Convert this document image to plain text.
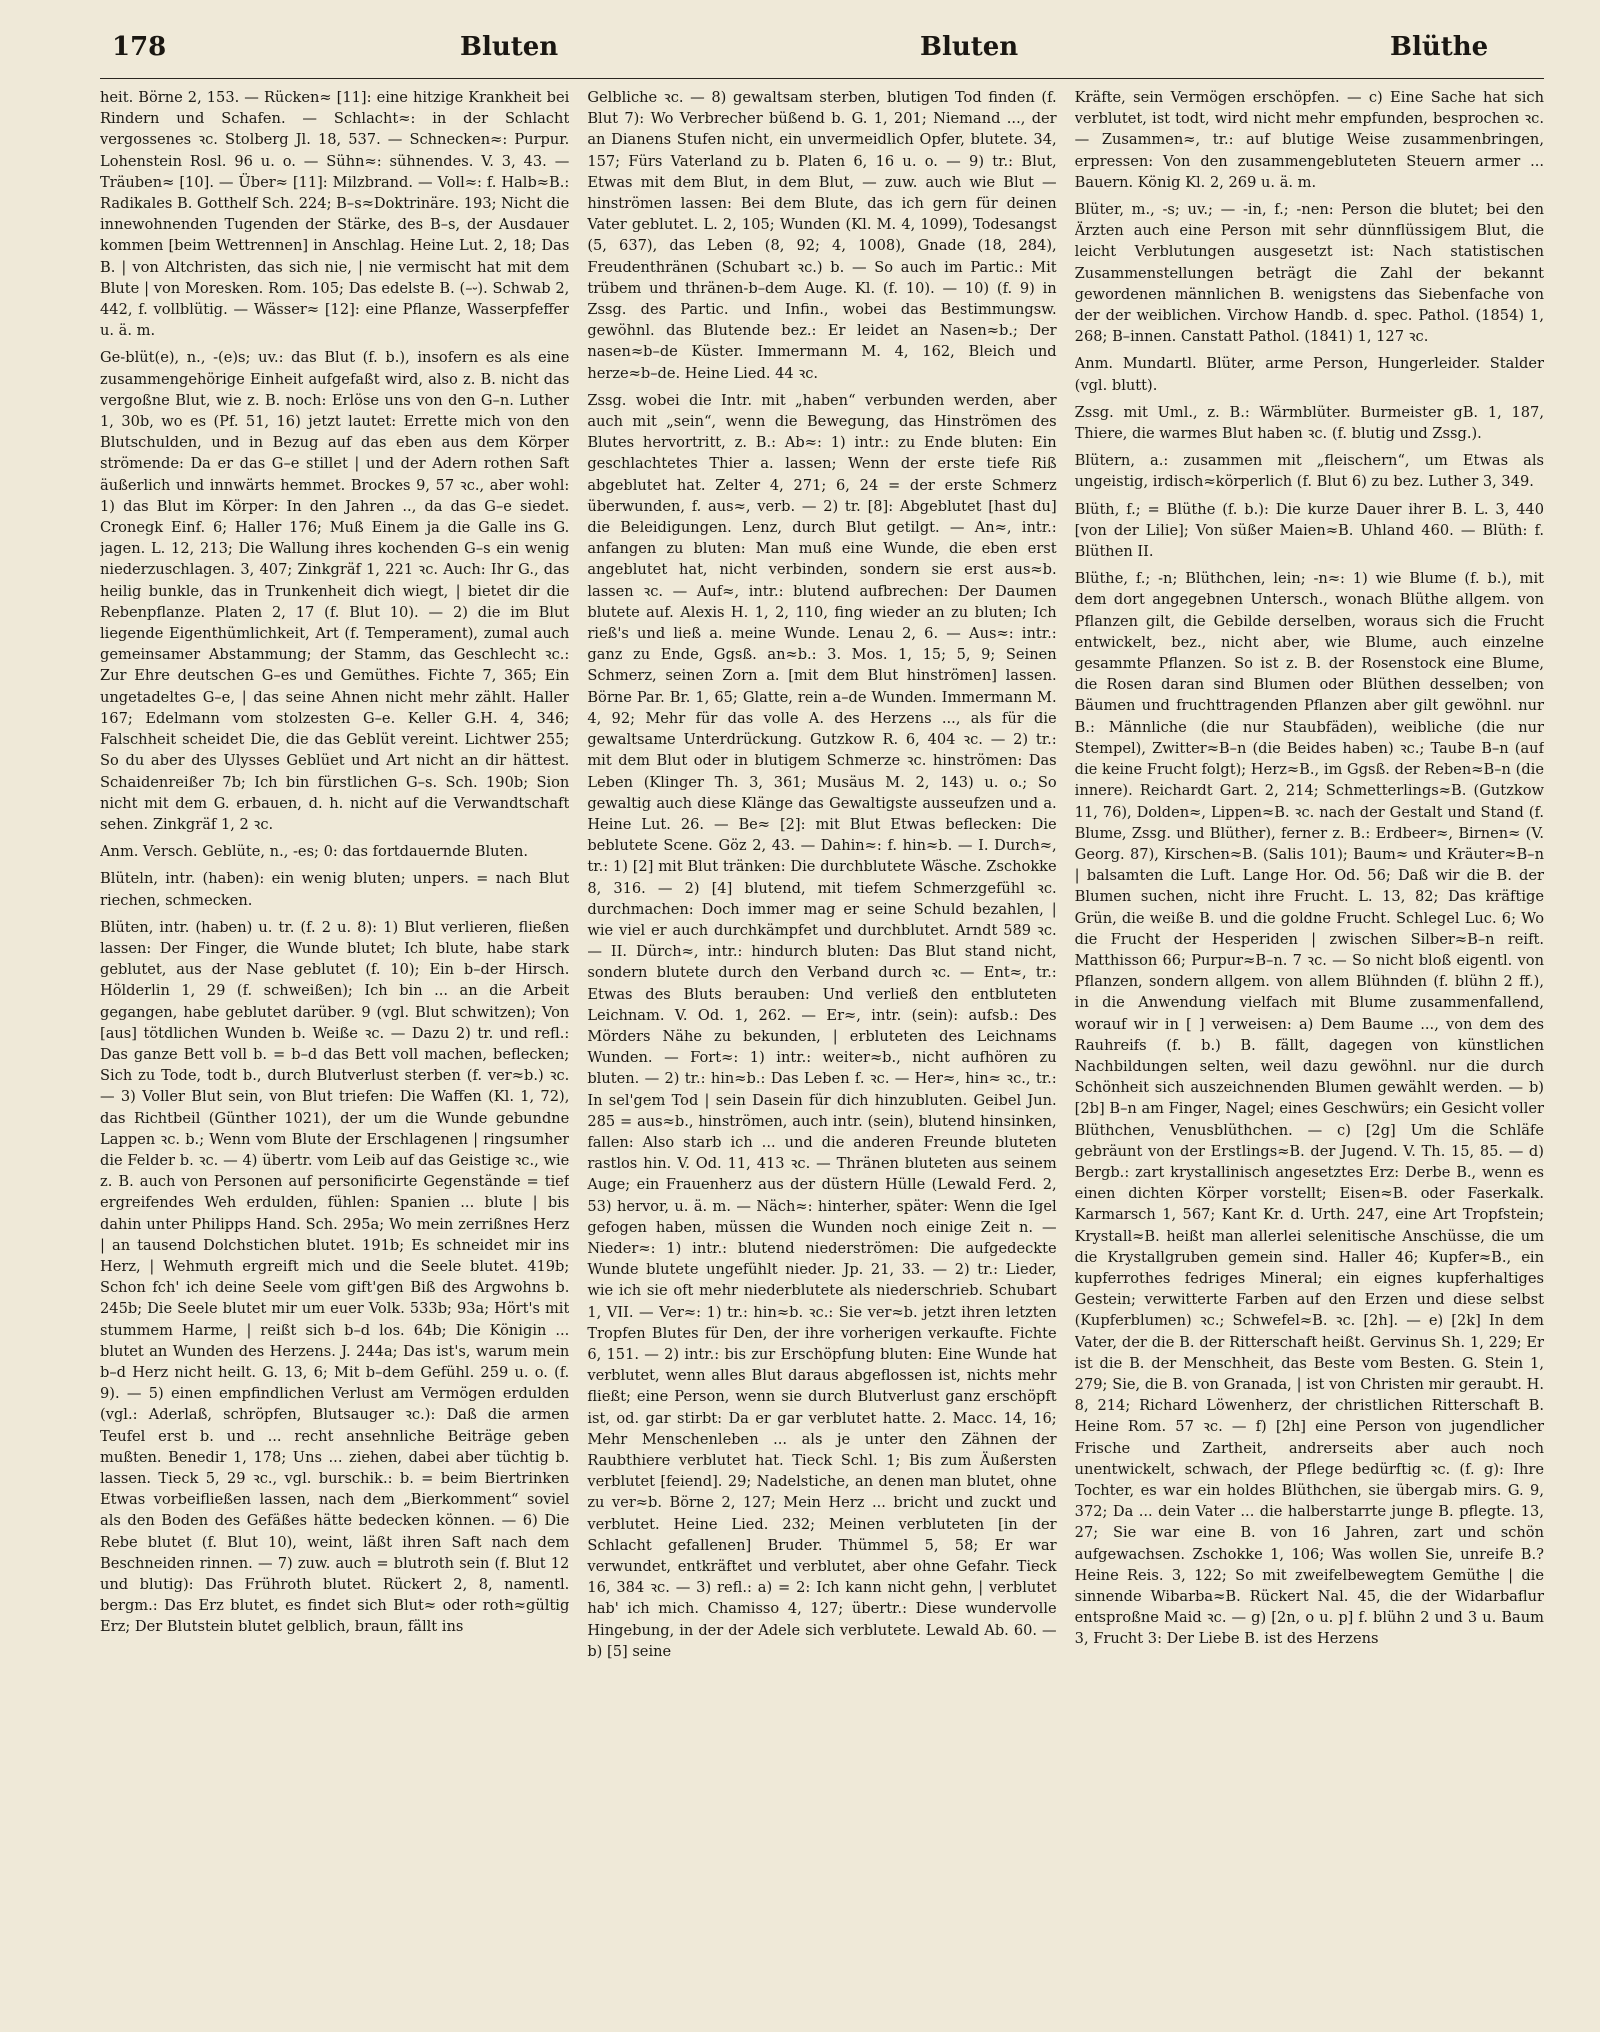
178	Bluten	Bluten	Blüthe

heit. Börne 2, 153. — Rücken≈ [11]: eine hitzige Krankheit bei Rindern und Schafen. — Schlacht≈: in der Schlacht vergossenes ꝛc. Stolberg Jl. 18, 537. — Schnecken≈: Purpur. Lohenstein Rosl. 96 u. o. — Sühn≈: sühnendes. V. 3, 43. — Träuben≈ [10]. — Über≈ [11]: Milzbrand. — Voll≈: f. Halb≈B.: Radikales B. Gotthelf Sch. 224; B–s≈Doktrinäre. 193; Nicht die innewohnenden Tugenden der Stärke, des B–s, der Ausdauer kommen [beim Wettrennen] in Anschlag. Heine Lut. 2, 18; Das B. | von Altchristen, das sich nie, | nie vermischt hat mit dem Blute | von Moresken. Rom. 105; Das edelste B. (–⏑). Schwab 2, 442, f. vollblütig. — Wässer≈ [12]: eine Pflanze, Wasserpfeffer u. ä. m.

Ge-blüt(e), n., -(e)s; uv.: das Blut (f. b.), insofern es als eine zusammengehörige Einheit aufgefaßt wird, also z. B. nicht das vergoßne Blut, wie z. B. noch: Erlöse uns von den G–n. Luther 1, 30b, wo es (Pf. 51, 16) jetzt lautet: Errette mich von den Blutschulden, und in Bezug auf das eben aus dem Körper strömende: Da er das G–e stillet | und der Adern rothen Saft äußerlich und innwärts hemmet. Brockes 9, 57 ꝛc., aber wohl: 1) das Blut im Körper: In den Jahren .., da das G–e siedet. Cronegk Einf. 6; Haller 176; Muß Einem ja die Galle ins G. jagen. L. 12, 213; Die Wallung ihres kochenden G–s ein wenig niederzuschlagen. 3, 407; Zinkgräf 1, 221 ꝛc. Auch: Ihr G., das heilig bunkle, das in Trunkenheit dich wiegt, | bietet dir die Rebenpflanze. Platen 2, 17 (f. Blut 10). — 2) die im Blut liegende Eigenthümlichkeit, Art (f. Temperament), zumal auch gemeinsamer Abstammung; der Stamm, das Geschlecht ꝛc.: Zur Ehre deutschen G–es und Gemüthes. Fichte 7, 365; Ein ungetadeltes G–e, | das seine Ahnen nicht mehr zählt. Haller 167; Edelmann vom stolzesten G–e. Keller G.H. 4, 346; Falschheit scheidet Die, die das Geblüt vereint. Lichtwer 255; So du aber des Ulysses Geblüet und Art nicht an dir hättest. Schaidenreißer 7b; Ich bin fürstlichen G–s. Sch. 190b; Sion nicht mit dem G. erbauen, d. h. nicht auf die Verwandtschaft sehen. Zinkgräf 1, 2 ꝛc.

Anm. Versch. Geblüte, n., -es; 0: das fortdauernde Bluten.

Blüteln, intr. (haben): ein wenig bluten; unpers. = nach Blut riechen, schmecken.

Blüten, intr. (haben) u. tr. (f. 2 u. 8): 1) Blut verlieren, fließen lassen: Der Finger, die Wunde blutet; Ich blute, habe stark geblutet, aus der Nase geblutet (f. 10); Ein b–der Hirsch. Hölderlin 1, 29 (f. schweißen); Ich bin ... an die Arbeit gegangen, habe geblutet darüber. 9 (vgl. Blut schwitzen); Von [aus] tötdlichen Wunden b. Weiße ꝛc. — Dazu 2) tr. und refl.: Das ganze Bett voll b. = b–d das Bett voll machen, beflecken; Sich zu Tode, todt b., durch Blutverlust sterben (f. ver≈b.) ꝛc. — 3) Voller Blut sein, von Blut triefen: Die Waffen (Kl. 1, 72), das Richtbeil (Günther 1021), der um die Wunde gebundne Lappen ꝛc. b.; Wenn vom Blute der Erschlagenen | ringsumher die Felder b. ꝛc. — 4) übertr. vom Leib auf das Geistige ꝛc., wie z. B. auch von Personen auf personificirte Gegenstände = tief ergreifendes Weh erdulden, fühlen: Spanien ... blute | bis dahin unter Philipps Hand. Sch. 295a; Wo mein zerrißnes Herz | an tausend Dolchstichen blutet. 191b; Es schneidet mir ins Herz, | Wehmuth ergreift mich und die Seele blutet. 419b; Schon fch' ich deine Seele vom gift'gen Biß des Argwohns b. 245b; Die Seele blutet mir um euer Volk. 533b; 93a; Hört's mit stummem Harme, | reißt sich b–d los. 64b; Die Königin ... blutet an Wunden des Herzens. J. 244a; Das ist's, warum mein b–d Herz nicht heilt. G. 13, 6; Mit b–dem Gefühl. 259 u. o. (f. 9). — 5) einen empfindlichen Verlust am Vermögen erdulden (vgl.: Aderlaß, schröpfen, Blutsauger ꝛc.): Daß die armen Teufel erst b. und ... recht ansehnliche Beiträge geben mußten. Benedir 1, 178; Uns ... ziehen, dabei aber tüchtig b. lassen. Tieck 5, 29 ꝛc., vgl. burschik.: b. = beim Biertrinken Etwas vorbeifließen lassen, nach dem „Bierkomment“ soviel als den Boden des Gefäßes hätte bedecken können. — 6) Die Rebe blutet (f. Blut 10), weint, läßt ihren Saft nach dem Beschneiden rinnen. — 7) zuw. auch = blutroth sein (f. Blut 12 und blutig): Das Frühroth blutet. Rückert 2, 8, namentl. bergm.: Das Erz blutet, es findet sich Blut≈ oder roth≈gültig Erz; Der Blutstein blutet gelblich, braun, fällt ins

Gelbliche ꝛc. — 8) gewaltsam sterben, blutigen Tod finden (f. Blut 7): Wo Verbrecher büßend b. G. 1, 201; Niemand ..., der an Dianens Stufen nicht, ein unvermeidlich Opfer, blutete. 34, 157; Fürs Vaterland zu b. Platen 6, 16 u. o. — 9) tr.: Blut, Etwas mit dem Blut, in dem Blut, — zuw. auch wie Blut — hinströmen lassen: Bei dem Blute, das ich gern für deinen Vater geblutet. L. 2, 105; Wunden (Kl. M. 4, 1099), Todesangst (5, 637), das Leben (8, 92; 4, 1008), Gnade (18, 284), Freudenthränen (Schubart ꝛc.) b. — So auch im Partic.: Mit trübem und thränen-b–dem Auge. Kl. (f. 10). — 10) (f. 9) in Zssg. des Partic. und Infin., wobei das Bestimmungsw. gewöhnl. das Blutende bez.: Er leidet an Nasen≈b.; Der nasen≈b–de Küster. Immermann M. 4, 162, Bleich und herze≈b–de. Heine Lied. 44 ꝛc.

Zssg. wobei die Intr. mit „haben“ verbunden werden, aber auch mit „sein“, wenn die Bewegung, das Hinströmen des Blutes hervortritt, z. B.: Ab≈: 1) intr.: zu Ende bluten: Ein geschlachtetes Thier a. lassen; Wenn der erste tiefe Riß abgeblutet hat. Zelter 4, 271; 6, 24 = der erste Schmerz überwunden, f. aus≈, verb. — 2) tr. [8]: Abgeblutet [hast du] die Beleidigungen. Lenz, durch Blut getilgt. — An≈, intr.: anfangen zu bluten: Man muß eine Wunde, die eben erst angeblutet hat, nicht verbinden, sondern sie erst aus≈b. lassen ꝛc. — Auf≈, intr.: blutend aufbrechen: Der Daumen blutete auf. Alexis H. 1, 2, 110, fing wieder an zu bluten; Ich rieß's und ließ a. meine Wunde. Lenau 2, 6. — Aus≈: intr.: ganz zu Ende, Ggsß. an≈b.: 3. Mos. 1, 15; 5, 9; Seinen Schmerz, seinen Zorn a. [mit dem Blut hinströmen] lassen. Börne Par. Br. 1, 65; Glatte, rein a–de Wunden. Immermann M. 4, 92; Mehr für das volle A. des Herzens ..., als für die gewaltsame Unterdrückung. Gutzkow R. 6, 404 ꝛc. — 2) tr.: mit dem Blut oder in blutigem Schmerze ꝛc. hinströmen: Das Leben (Klinger Th. 3, 361; Musäus M. 2, 143) u. o.; So gewaltig auch diese Klänge das Gewaltigste ausseufzen und a. Heine Lut. 26. — Be≈ [2]: mit Blut Etwas beflecken: Die beblutete Scene. Göz 2, 43. — Dahin≈: f. hin≈b. — I. Durch≈, tr.: 1) [2] mit Blut tränken: Die durchblutete Wäsche. Zschokke 8, 316. — 2) [4] blutend, mit tiefem Schmerzgefühl ꝛc. durchmachen: Doch immer mag er seine Schuld bezahlen, | wie viel er auch durchkämpfet und durchblutet. Arndt 589 ꝛc. — II. Dürch≈, intr.: hindurch bluten: Das Blut stand nicht, sondern blutete durch den Verband durch ꝛc. — Ent≈, tr.: Etwas des Bluts berauben: Und verließ den entbluteten Leichnam. V. Od. 1, 262. — Er≈, intr. (sein): aufsb.: Des Mörders Nähe zu bekunden, | erbluteten des Leichnams Wunden. — Fort≈: 1) intr.: weiter≈b., nicht aufhören zu bluten. — 2) tr.: hin≈b.: Das Leben f. ꝛc. — Her≈, hin≈ ꝛc., tr.: In sel'gem Tod | sein Dasein für dich hinzubluten. Geibel Jun. 285 = aus≈b., hinströmen, auch intr. (sein), blutend hinsinken, fallen: Also starb ich ... und die anderen Freunde bluteten rastlos hin. V. Od. 11, 413 ꝛc. — Thränen bluteten aus seinem Auge; ein Frauenherz aus der düstern Hülle (Lewald Ferd. 2, 53) hervor, u. ä. m. — Näch≈: hinterher, später: Wenn die Igel gefogen haben, müssen die Wunden noch einige Zeit n. — Nieder≈: 1) intr.: blutend niederströmen: Die aufgedeckte Wunde blutete ungefühlt nieder. Jp. 21, 33. — 2) tr.: Lieder, wie ich sie oft mehr niederblutete als niederschrieb. Schubart 1, VII. — Ver≈: 1) tr.: hin≈b. ꝛc.: Sie ver≈b. jetzt ihren letzten Tropfen Blutes für Den, der ihre vorherigen verkaufte. Fichte 6, 151. — 2) intr.: bis zur Erschöpfung bluten: Eine Wunde hat verblutet, wenn alles Blut daraus abgeflossen ist, nichts mehr fließt; eine Person, wenn sie durch Blutverlust ganz erschöpft ist, od. gar stirbt: Da er gar verblutet hatte. 2. Macc. 14, 16; Mehr Menschenleben ... als je unter den Zähnen der Raubthiere verblutet hat. Tieck Schl. 1; Bis zum Äußersten verblutet [feiend]. 29; Nadelstiche, an denen man blutet, ohne zu ver≈b. Börne 2, 127; Mein Herz ... bricht und zuckt und verblutet. Heine Lied. 232; Meinen verbluteten [in der Schlacht gefallenen] Bruder. Thümmel 5, 58; Er war verwundet, entkräftet und verblutet, aber ohne Gefahr. Tieck 16, 384 ꝛc. — 3) refl.: a) = 2: Ich kann nicht gehn, | verblutet hab' ich mich. Chamisso 4, 127; übertr.: Diese wundervolle Hingebung, in der der Adele sich verblutete. Lewald Ab. 60. — b) [5] seine

Kräfte, sein Vermögen erschöpfen. — c) Eine Sache hat sich verblutet, ist todt, wird nicht mehr empfunden, besprochen ꝛc. — Zusammen≈, tr.: auf blutige Weise zusammenbringen, erpressen: Von den zusammengebluteten Steuern armer ... Bauern. König Kl. 2, 269 u. ä. m.

Blüter, m., -s; uv.; — -in, f.; -nen: Person die blutet; bei den Ärzten auch eine Person mit sehr dünnflüssigem Blut, die leicht Verblutungen ausgesetzt ist: Nach statistischen Zusammenstellungen beträgt die Zahl der bekannt gewordenen männlichen B. wenigstens das Siebenfache von der der weiblichen. Virchow Handb. d. spec. Pathol. (1854) 1, 268; B–innen. Canstatt Pathol. (1841) 1, 127 ꝛc.

Anm. Mundartl. Blüter, arme Person, Hungerleider. Stalder (vgl. blutt).

Zssg. mit Uml., z. B.: Wärmblüter. Burmeister gB. 1, 187, Thiere, die warmes Blut haben ꝛc. (f. blutig und Zssg.).

Blütern, a.: zusammen mit „fleischern“, um Etwas als ungeistig, irdisch≈körperlich (f. Blut 6) zu bez. Luther 3, 349.

Blüth, f.; = Blüthe (f. b.): Die kurze Dauer ihrer B. L. 3, 440 [von der Lilie]; Von süßer Maien≈B. Uhland 460. — Blüth: f. Blüthen II.

Blüthe, f.; -n; Blüthchen, lein; -n≈: 1) wie Blume (f. b.), mit dem dort angegebnen Untersch., wonach Blüthe allgem. von Pflanzen gilt, die Gebilde derselben, woraus sich die Frucht entwickelt, bez., nicht aber, wie Blume, auch einzelne gesammte Pflanzen. So ist z. B. der Rosenstock eine Blume, die Rosen daran sind Blumen oder Blüthen desselben; von Bäumen und fruchttragenden Pflanzen aber gilt gewöhnl. nur B.: Männliche (die nur Staubfäden), weibliche (die nur Stempel), Zwitter≈B–n (die Beides haben) ꝛc.; Taube B–n (auf die keine Frucht folgt); Herz≈B., im Ggsß. der Reben≈B–n (die innere). Reichardt Gart. 2, 214; Schmetterlings≈B. (Gutzkow 11, 76), Dolden≈, Lippen≈B. ꝛc. nach der Gestalt und Stand (f. Blume, Zssg. und Blüther), ferner z. B.: Erdbeer≈, Birnen≈ (V. Georg. 87), Kirschen≈B. (Salis 101); Baum≈ und Kräuter≈B–n | balsamten die Luft. Lange Hor. Od. 56; Daß wir die B. der Blumen suchen, nicht ihre Frucht. L. 13, 82; Das kräftige Grün, die weiße B. und die goldne Frucht. Schlegel Luc. 6; Wo die Frucht der Hesperiden | zwischen Silber≈B–n reift. Matthisson 66; Purpur≈B–n. 7 ꝛc. — So nicht bloß eigentl. von Pflanzen, sondern allgem. von allem Blühnden (f. blühn 2 ff.), in die Anwendung vielfach mit Blume zusammenfallend, worauf wir in [ ] verweisen: a) Dem Baume ..., von dem des Rauhreifs (f. b.) B. fällt, dagegen von künstlichen Nachbildungen selten, weil dazu gewöhnl. nur die durch Schönheit sich auszeichnenden Blumen gewählt werden. — b) [2b] B–n am Finger, Nagel; eines Geschwürs; ein Gesicht voller Blüthchen, Venusblüthchen. — c) [2g] Um die Schläfe gebräunt von der Erstlings≈B. der Jugend. V. Th. 15, 85. — d) Bergb.: zart krystallinisch angesetztes Erz: Derbe B., wenn es einen dichten Körper vorstellt; Eisen≈B. oder Faserkalk. Karmarsch 1, 567; Kant Kr. d. Urth. 247, eine Art Tropfstein; Krystall≈B. heißt man allerlei selenitische Anschüsse, die um die Krystallgruben gemein sind. Haller 46; Kupfer≈B., ein kupferrothes fedriges Mineral; ein eignes kupferhaltiges Gestein; verwitterte Farben auf den Erzen und diese selbst (Kupferblumen) ꝛc.; Schwefel≈B. ꝛc. [2h]. — e) [2k] In dem Vater, der die B. der Ritterschaft heißt. Gervinus Sh. 1, 229; Er ist die B. der Menschheit, das Beste vom Besten. G. Stein 1, 279; Sie, die B. von Granada, | ist von Christen mir geraubt. H. 8, 214; Richard Löwenherz, der christlichen Ritterschaft B. Heine Rom. 57 ꝛc. — f) [2h] eine Person von jugendlicher Frische und Zartheit, andrerseits aber auch noch unentwickelt, schwach, der Pflege bedürftig ꝛc. (f. g): Ihre Tochter, es war ein holdes Blüthchen, sie übergab mirs. G. 9, 372; Da ... dein Vater ... die halberstarrte junge B. pflegte. 13, 27; Sie war eine B. von 16 Jahren, zart und schön aufgewachsen. Zschokke 1, 106; Was wollen Sie, unreife B.? Heine Reis. 3, 122; So mit zweifelbewegtem Gemüthe | die sinnende Wibarba≈B. Rückert Nal. 45, die der Widarbaflur entsproßne Maid ꝛc. — g) [2n, o u. p] f. blühn 2 und 3 u. Baum 3, Frucht 3: Der Liebe B. ist des Herzens
